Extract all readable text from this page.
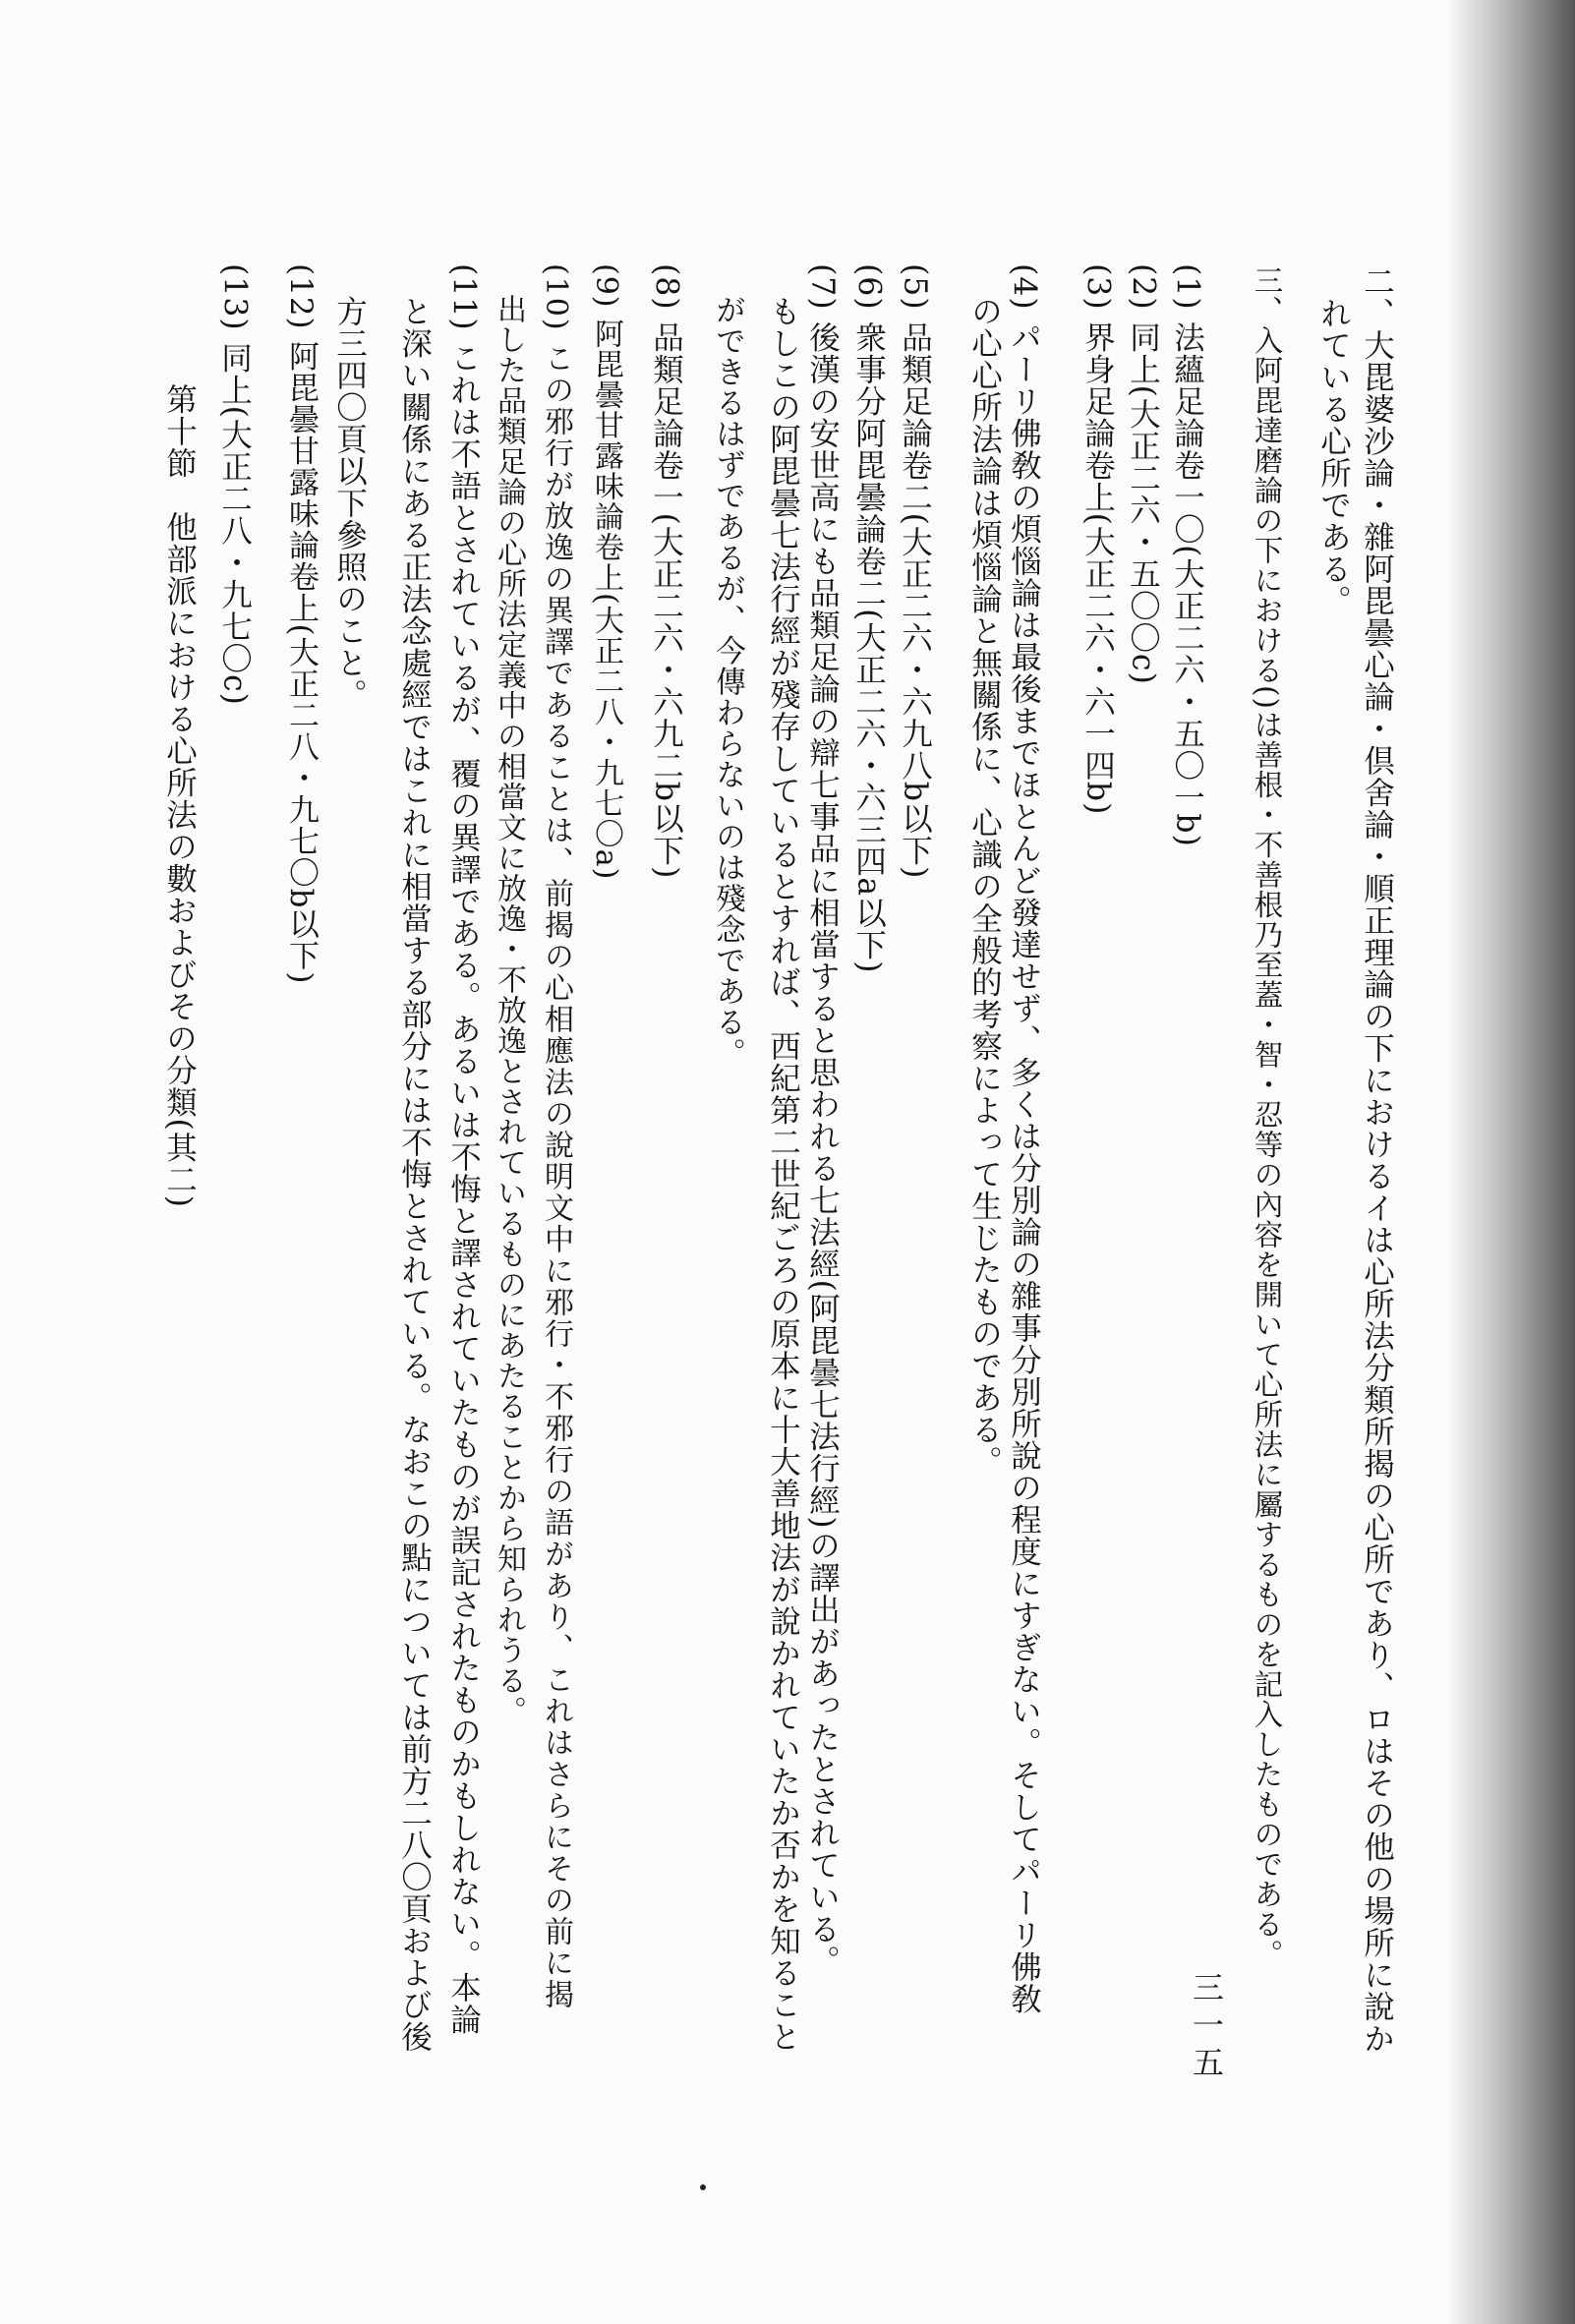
二、大毘婆沙論・雜阿毘曇心論・倶舍論・順正理論の下におけるイは心所法分類所揭の心所であり、ロはその他の場所に說か
　れている心所である。
三、入阿毘達磨論の下における()は善根・不善根乃至蓋・智・忍等の內容を開いて心所法に屬するものを記入したものである。
(1) 法蘊足論卷一〇(大正二六・五〇一b)
(2) 同上(大正二六・五〇〇c)
(3) 界身足論卷上(大正二六・六一四b)
(4) パーリ佛敎の煩惱論は最後までほとんど發達せず、多くは分別論の雜事分別所說の程度にすぎない。そしてパーリ佛敎
　の心心所法論は煩惱論と無關係に、心識の全般的考察によって生じたものである。
(5) 品類足論卷二(大正二六・六九八b以下)
(6) 衆事分阿毘曇論卷二(大正二六・六三四a以下)
(7) 後漢の安世高にも品類足論の辯七事品に相當すると思われる七法經(阿毘曇七法行經)の譯出があったとされている。
　もしこの阿毘曇七法行經が殘存しているとすれば、西紀第二世紀ごろの原本に十大善地法が說かれていたか否かを知ること
　ができるはずであるが、今傳わらないのは殘念である。
(8) 品類足論卷一(大正二六・六九二b以下)
(9) 阿毘曇甘露味論卷上(大正二八・九七〇a)
(10) この邪行が放逸の異譯であることは、前揭の心相應法の說明文中に邪行・不邪行の語があり、これはさらにその前に揭
　出した品類足論の心所法定義中の相當文に放逸・不放逸とされているものにあたることから知られうる。
(11) これは不語とされているが、覆の異譯である。あるいは不悔と譯されていたものが誤記されたものかもしれない。本論
　と深い關係にある正法念處經ではこれに相當する部分には不悔とされている。なおこの點については前方二八〇頁および後
　方三四〇頁以下參照のこと。
(12) 阿毘曇甘露味論卷上(大正二八・九七〇b以下)
(13) 同上(大正二八・九七〇c)
第十節　他部派における心所法の數およびその分類(其二)
三一五
